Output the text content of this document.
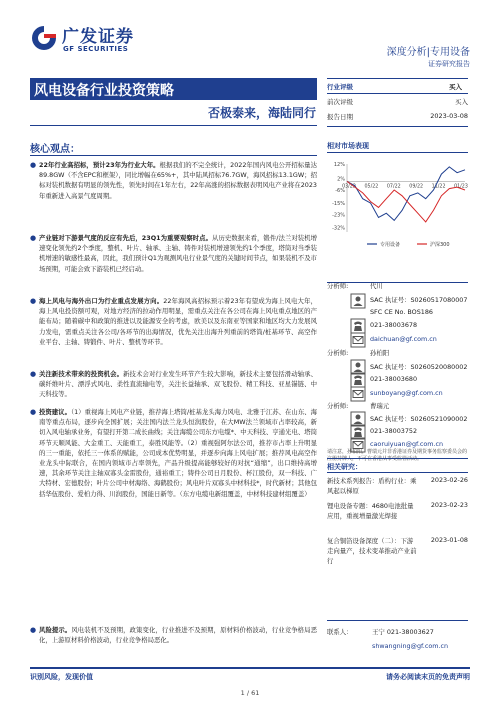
广发证券
GF SECURITIES	深度分析|专用设备
证券研究报告
风电设备行业投资策略
否极泰来，海陆同行
核心观点：
● 22年行业高招标，预计23年为行业大年。根据我们的不完全统计，2022年国内风电公开招标量达89.8GW（不含EPC和框架），同比增幅在65%+，其中陆风招标76.7GW，海风招标13.1GW；招标对装机数据有明显的领先性，领先时间在1年左右，22年高涨的招标数据表明风电产业将在2023年重新进入高景气度周期。
● 产业链对下游景气度的反应有先后，23Q1为重要观察时点。从历史数据来看，锻件/法兰对装机增速变化领先约2个季度，整机、叶片、轴承、主轴、铸件对装机增速领先约1个季度，塔筒对当季装机增速的敏感性最高，因此，我们预计Q1为观测风电行业景气度的关键时间节点，如果装机不及市场预期，可能会致下游装机已经启动。
● 海上风电与海外出口为行业重点发展方向。22年海风高招标预示着23年有望成为海上风电大年，海上风电投资额可观，对地方经济的拉动作用明显，需重点关注在各公司在海上风电重点地区的产能布局；随着碳中和政策的推进以及能源安全的考虑，欧美以及东南亚等国家和地区均大力发展风力发电，需重点关注各公司/各环节的出海情况，优先关注出海升列重前的塔筒/桩基环节、高空作业平台、主轴、铸锻件、叶片、整机等环节。
● 关注新技术带来的投资机会。新技术会对行业发生环节产生较大影响，新技术主要包括滑动轴承、碳纤维叶片、漂浮式风电、柔性直流输电等，关注长益轴承、双飞股份、精工科技、亚星锚链、中天科技等。
● 投资建议。（1）重视海上风电产业链，推荐海上塔筒/桩基龙头海力风电、北雅于江苏、在山东、海南等重点布局，逐步向全国扩展；关注国内法兰龙头恒润股份，在大MW法兰领域市占率较高，新切入风电轴承业务，有望打开第二成长曲线；关注海缆公司东方电缆*、中天科技、亨通光电、塔筒环节天顺风能、大金重工、天能重工，泰胜风能等。（2）重视强阿尔法公司，推荐市占率上升明显的三一重能，依托三一体系的赋能，公司成本优势明显，并逐步向海上风电扩展；推荐风电高空作业龙头中际联合，在国内领域市占率领先，产品升级提高能够较好的对抗“通缩”，出口维持高增速，其余环节关注主轴双寡头金雷股份，通裕重工；铸件公司日月股份、杯江股份，双一科技、广大特材、宏德股份；叶片公司中材海络、海鹤股份；风电叶片双寡头中材科技*，时代新材；其他包括华伍股份、爱柏力得、川润股份，国能日新等。（东方电缆电新组覆盖，中材科技建材组覆盖）
● 风险提示。风电装机不及预期，政策变化，行业推进不及预期，原材料价格波动，行业竞争格局恶化，上游原材料价格波动，行业竞争格局恶化。
行业评级	买入
前次评级	买入
报告日期	2023-03-08
相对市场表现
12%
2%
-6%
-15%
-23%
-32%
03/22 05/22 07/22 09/22 11/22 01/23
专用设备	沪深300
分析师:	代川
SAC 执证号：S0260517080007
SFC CE No. BOS186
021-38003678
daichuan@gf.com.cn
分析师:	孙柏阳
SAC 执证号：S0260520080002
021-38003680
sunboyang@gf.com.cn
分析师:	曹瑞元
SAC 执证号：S0260521090002
021-38003752
caoruiyuan@gf.com.cn
请注意，孙柏阳，曹瑞元并非香港证券及期货事务监察委员会的注册持牌人，不可在香港从事受监管活动。
相关研究：
新技术系列报告：盾构行业：乘风起以梯原
2023-02-26
锂电设备专题：4680电池批量应用，重视增量激光焊接
2023-02-23
复合铜箔设备深度（二）：下游走向量产，技术变革推动产业前行
2023-01-08
联系人：	王宁 021-38003627
shwangning@gf.com.cn
识别风险，发现价值	请务必阅读末页的免责声明
1 / 61
